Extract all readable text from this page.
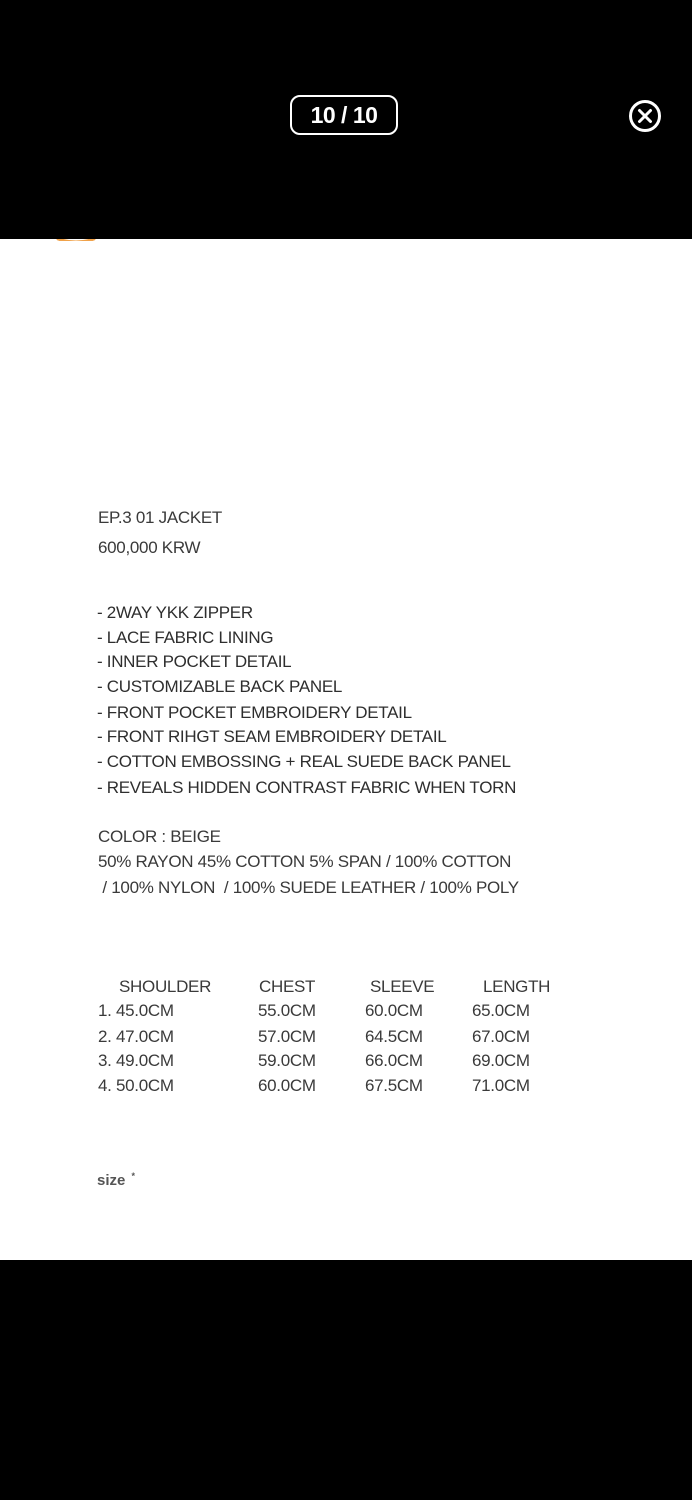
10 / 10
EP.3 01 JACKET
600,000 KRW
- 2WAY YKK ZIPPER
- LACE FABRIC LINING
- INNER POCKET DETAIL
- CUSTOMIZABLE BACK PANEL
- FRONT POCKET EMBROIDERY DETAIL
- FRONT RIHGT SEAM EMBROIDERY DETAIL
- COTTON EMBOSSING + REAL SUEDE BACK PANEL
- REVEALS HIDDEN CONTRAST FABRIC WHEN TORN
COLOR : BEIGE
50% RAYON 45% COTTON 5% SPAN / 100% COTTON
/ 100% NYLON  / 100% SUEDE LEATHER / 100% POLY
SHOULDER	CHEST	SLEEVE	LENGTH
1. 45.0CM	55.0CM	60.0CM	65.0CM
2. 47.0CM	57.0CM	64.5CM	67.0CM
3. 49.0CM	59.0CM	66.0CM	69.0CM
4. 50.0CM	60.0CM	67.5CM	71.0CM
size *
